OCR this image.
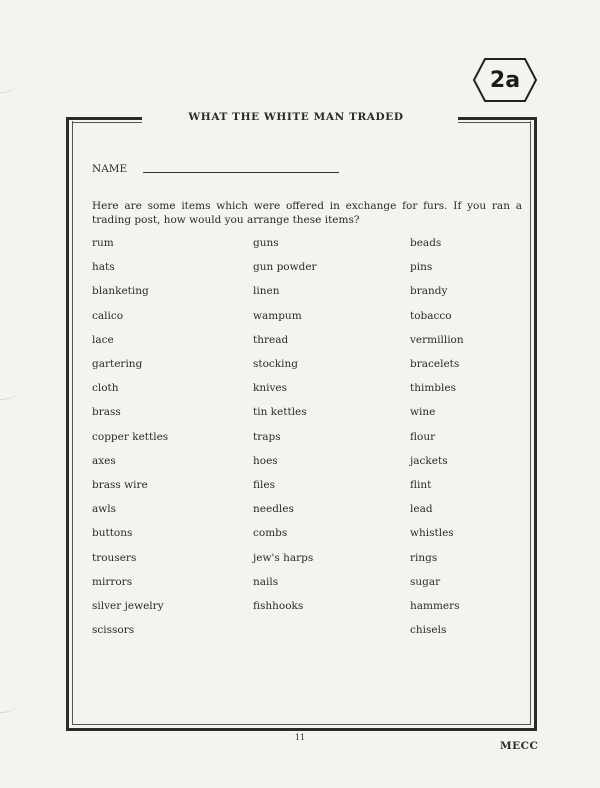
2a
WHAT THE WHITE MAN TRADED
NAME
Here are some items which were offered in exchange for furs. If you ran a trading post, how would you arrange these items?
rum
hats
blanketing
calico
lace
gartering
cloth
brass
copper kettles
axes
brass wire
awls
buttons
trousers
mirrors
silver jewelry
scissors
guns
gun powder
linen
wampum
thread
stocking
knives
tin kettles
traps
hoes
files
needles
combs
jew's harps
nails
fishhooks
beads
pins
brandy
tobacco
vermillion
bracelets
thimbles
wine
flour
jackets
flint
lead
whistles
rings
sugar
hammers
chisels
11
MECC
